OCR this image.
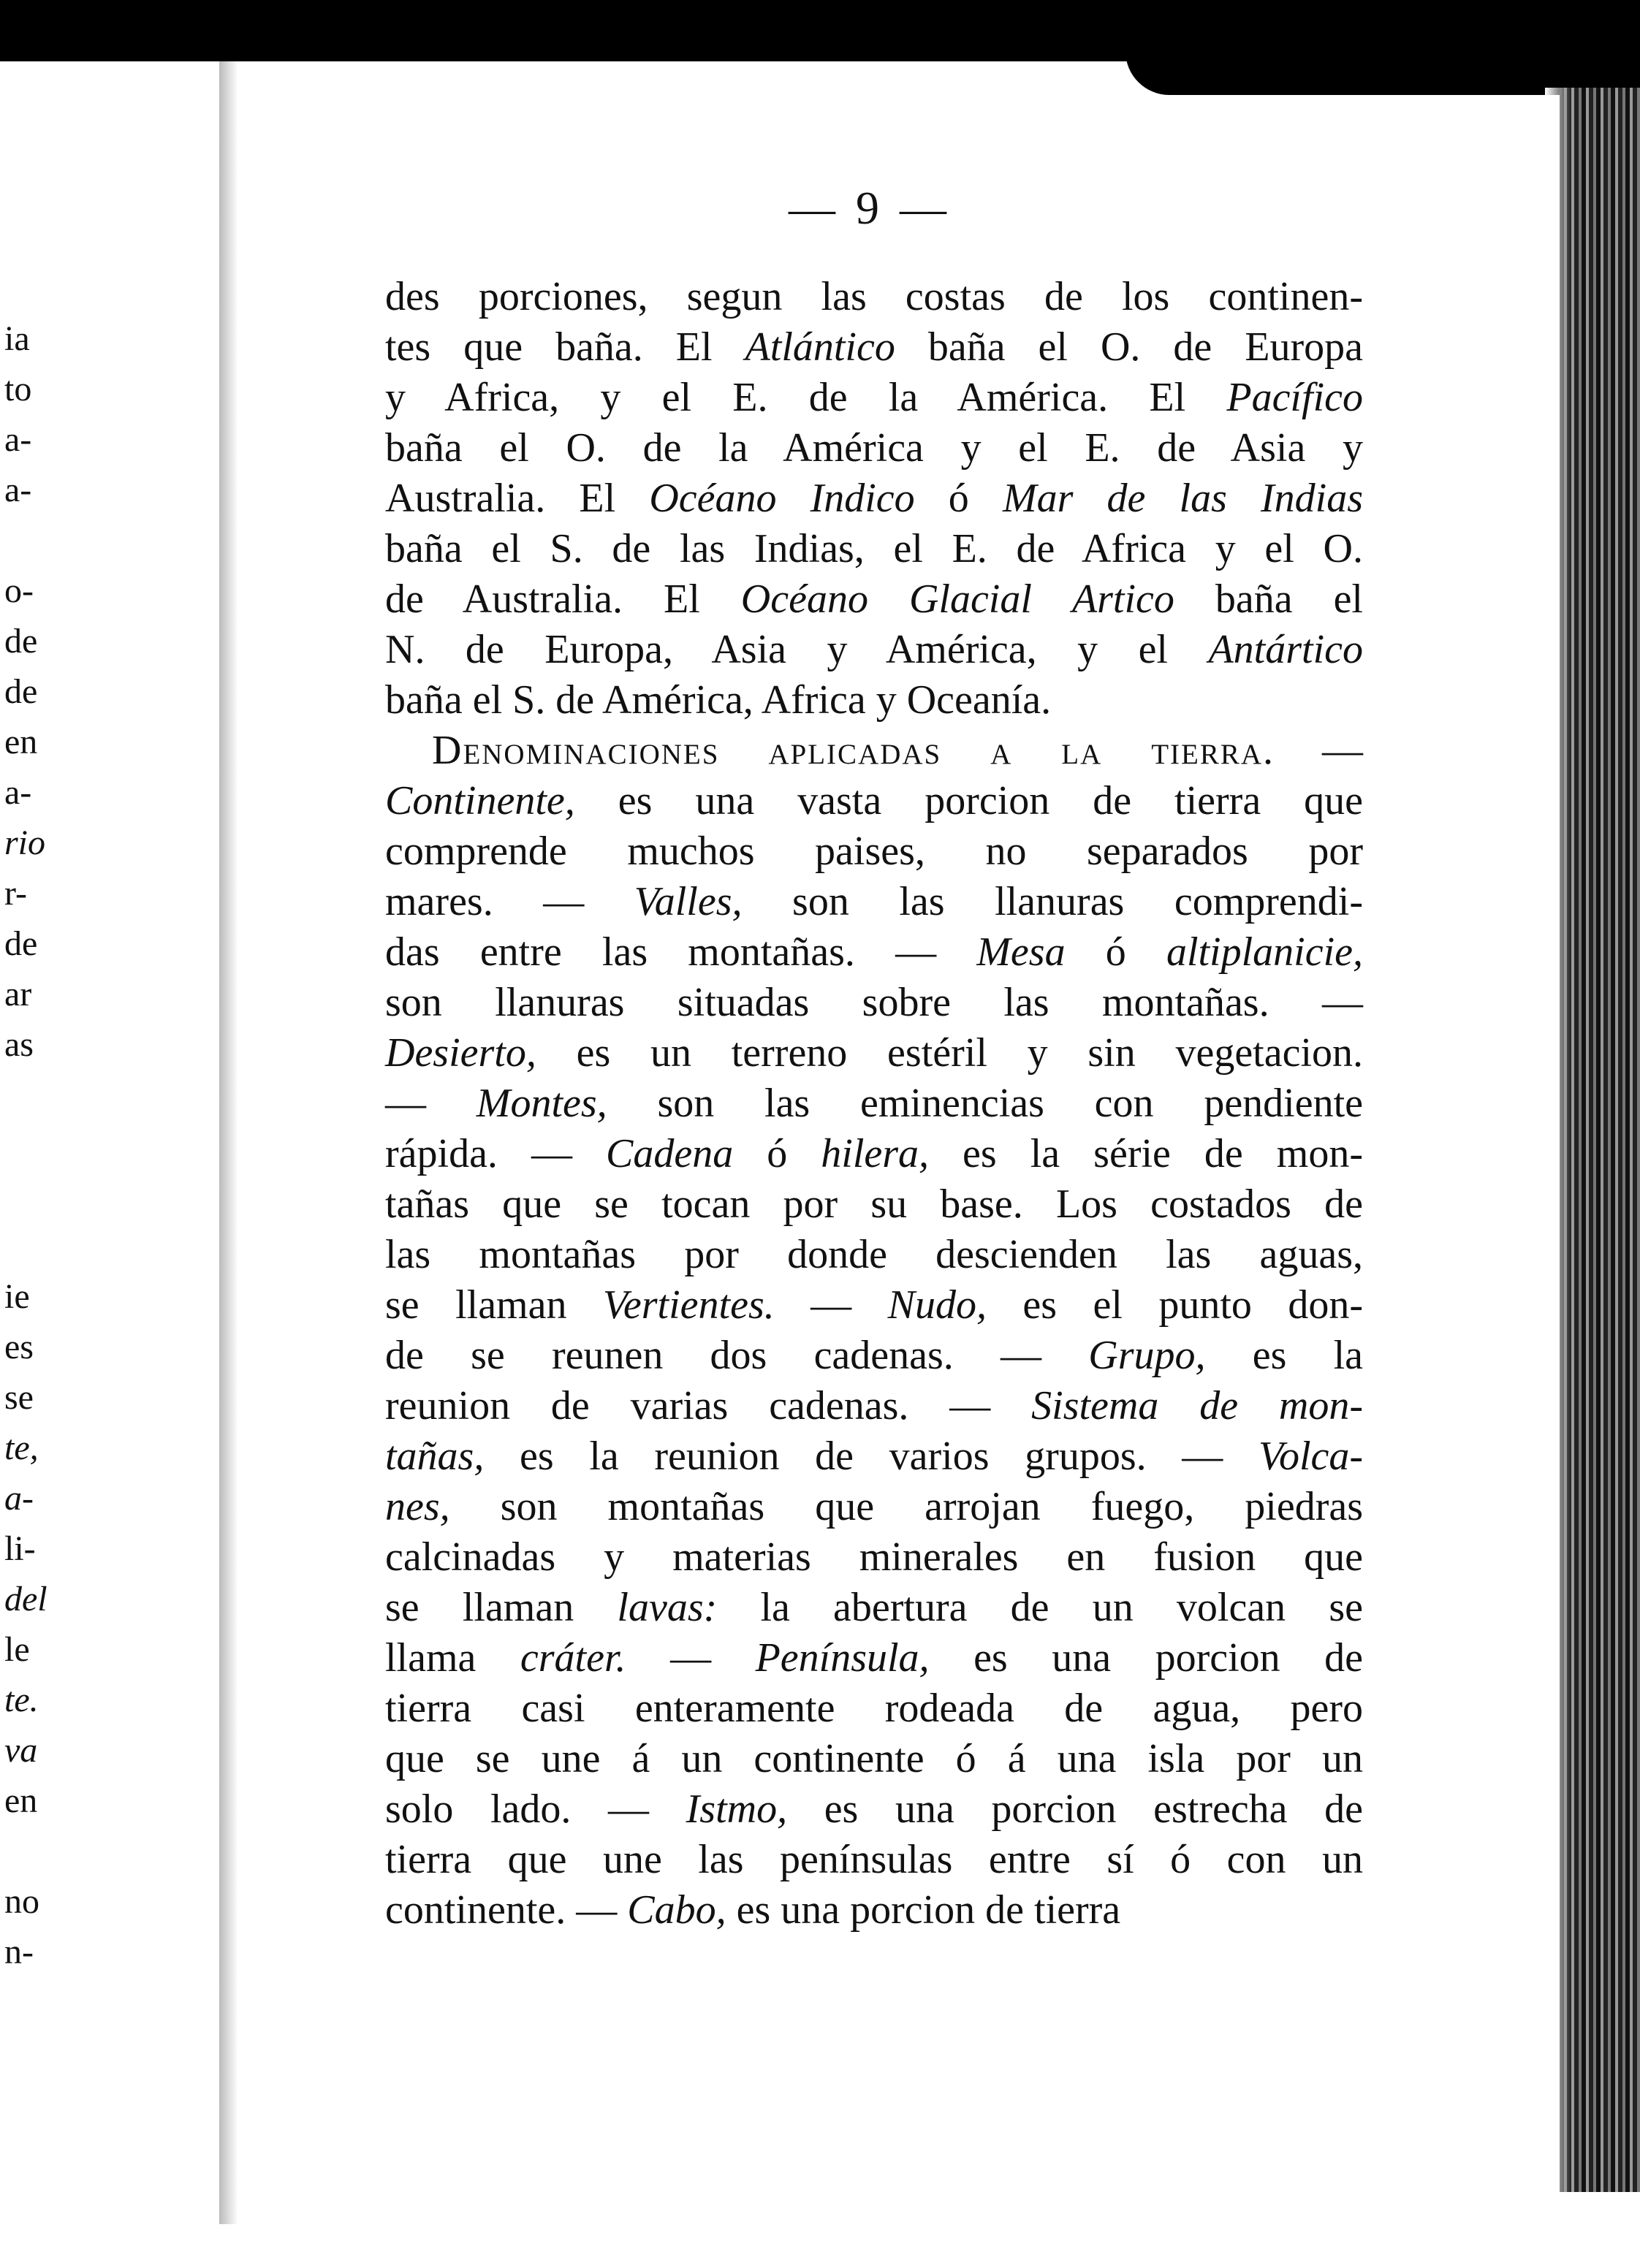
ia
to
a-
a-
o-
de
de
en
a-
rio
r-
de
ar
as
ie
es
se
te,
a-
li-
del
le
te.
va
en
no
n-
— 9 —
des porciones, segun las costas de los continen-
tes que baña. El Atlántico baña el O. de Europa
y Africa, y el E. de la América. El Pacífico
baña el O. de la América y el E. de Asia y
Australia. El Océano Indico ó Mar de las Indias
baña el S. de las Indias, el E. de Africa y el O.
de Australia. El Océano Glacial Artico baña el
N. de Europa, Asia y América, y el Antártico
baña el S. de América, Africa y Oceanía.
Denominaciones aplicadas a la tierra. —
Continente, es una vasta porcion de tierra que
comprende muchos paises, no separados por
mares. — Valles, son las llanuras comprendi-
das entre las montañas. — Mesa ó altiplanicie,
son llanuras situadas sobre las montañas. —
Desierto, es un terreno estéril y sin vegetacion.
— Montes, son las eminencias con pendiente
rápida. — Cadena ó hilera, es la série de mon-
tañas que se tocan por su base. Los costados de
las montañas por donde descienden las aguas,
se llaman Vertientes. — Nudo, es el punto don-
de se reunen dos cadenas. — Grupo, es la
reunion de varias cadenas. — Sistema de mon-
tañas, es la reunion de varios grupos. — Volca-
nes, son montañas que arrojan fuego, piedras
calcinadas y materias minerales en fusion que
se llaman lavas: la abertura de un volcan se
llama cráter. — Península, es una porcion de
tierra casi enteramente rodeada de agua, pero
que se une á un continente ó á una isla por un
solo lado. — Istmo, es una porcion estrecha de
tierra que une las penínsulas entre sí ó con un
continente. — Cabo, es una porcion de tierra
